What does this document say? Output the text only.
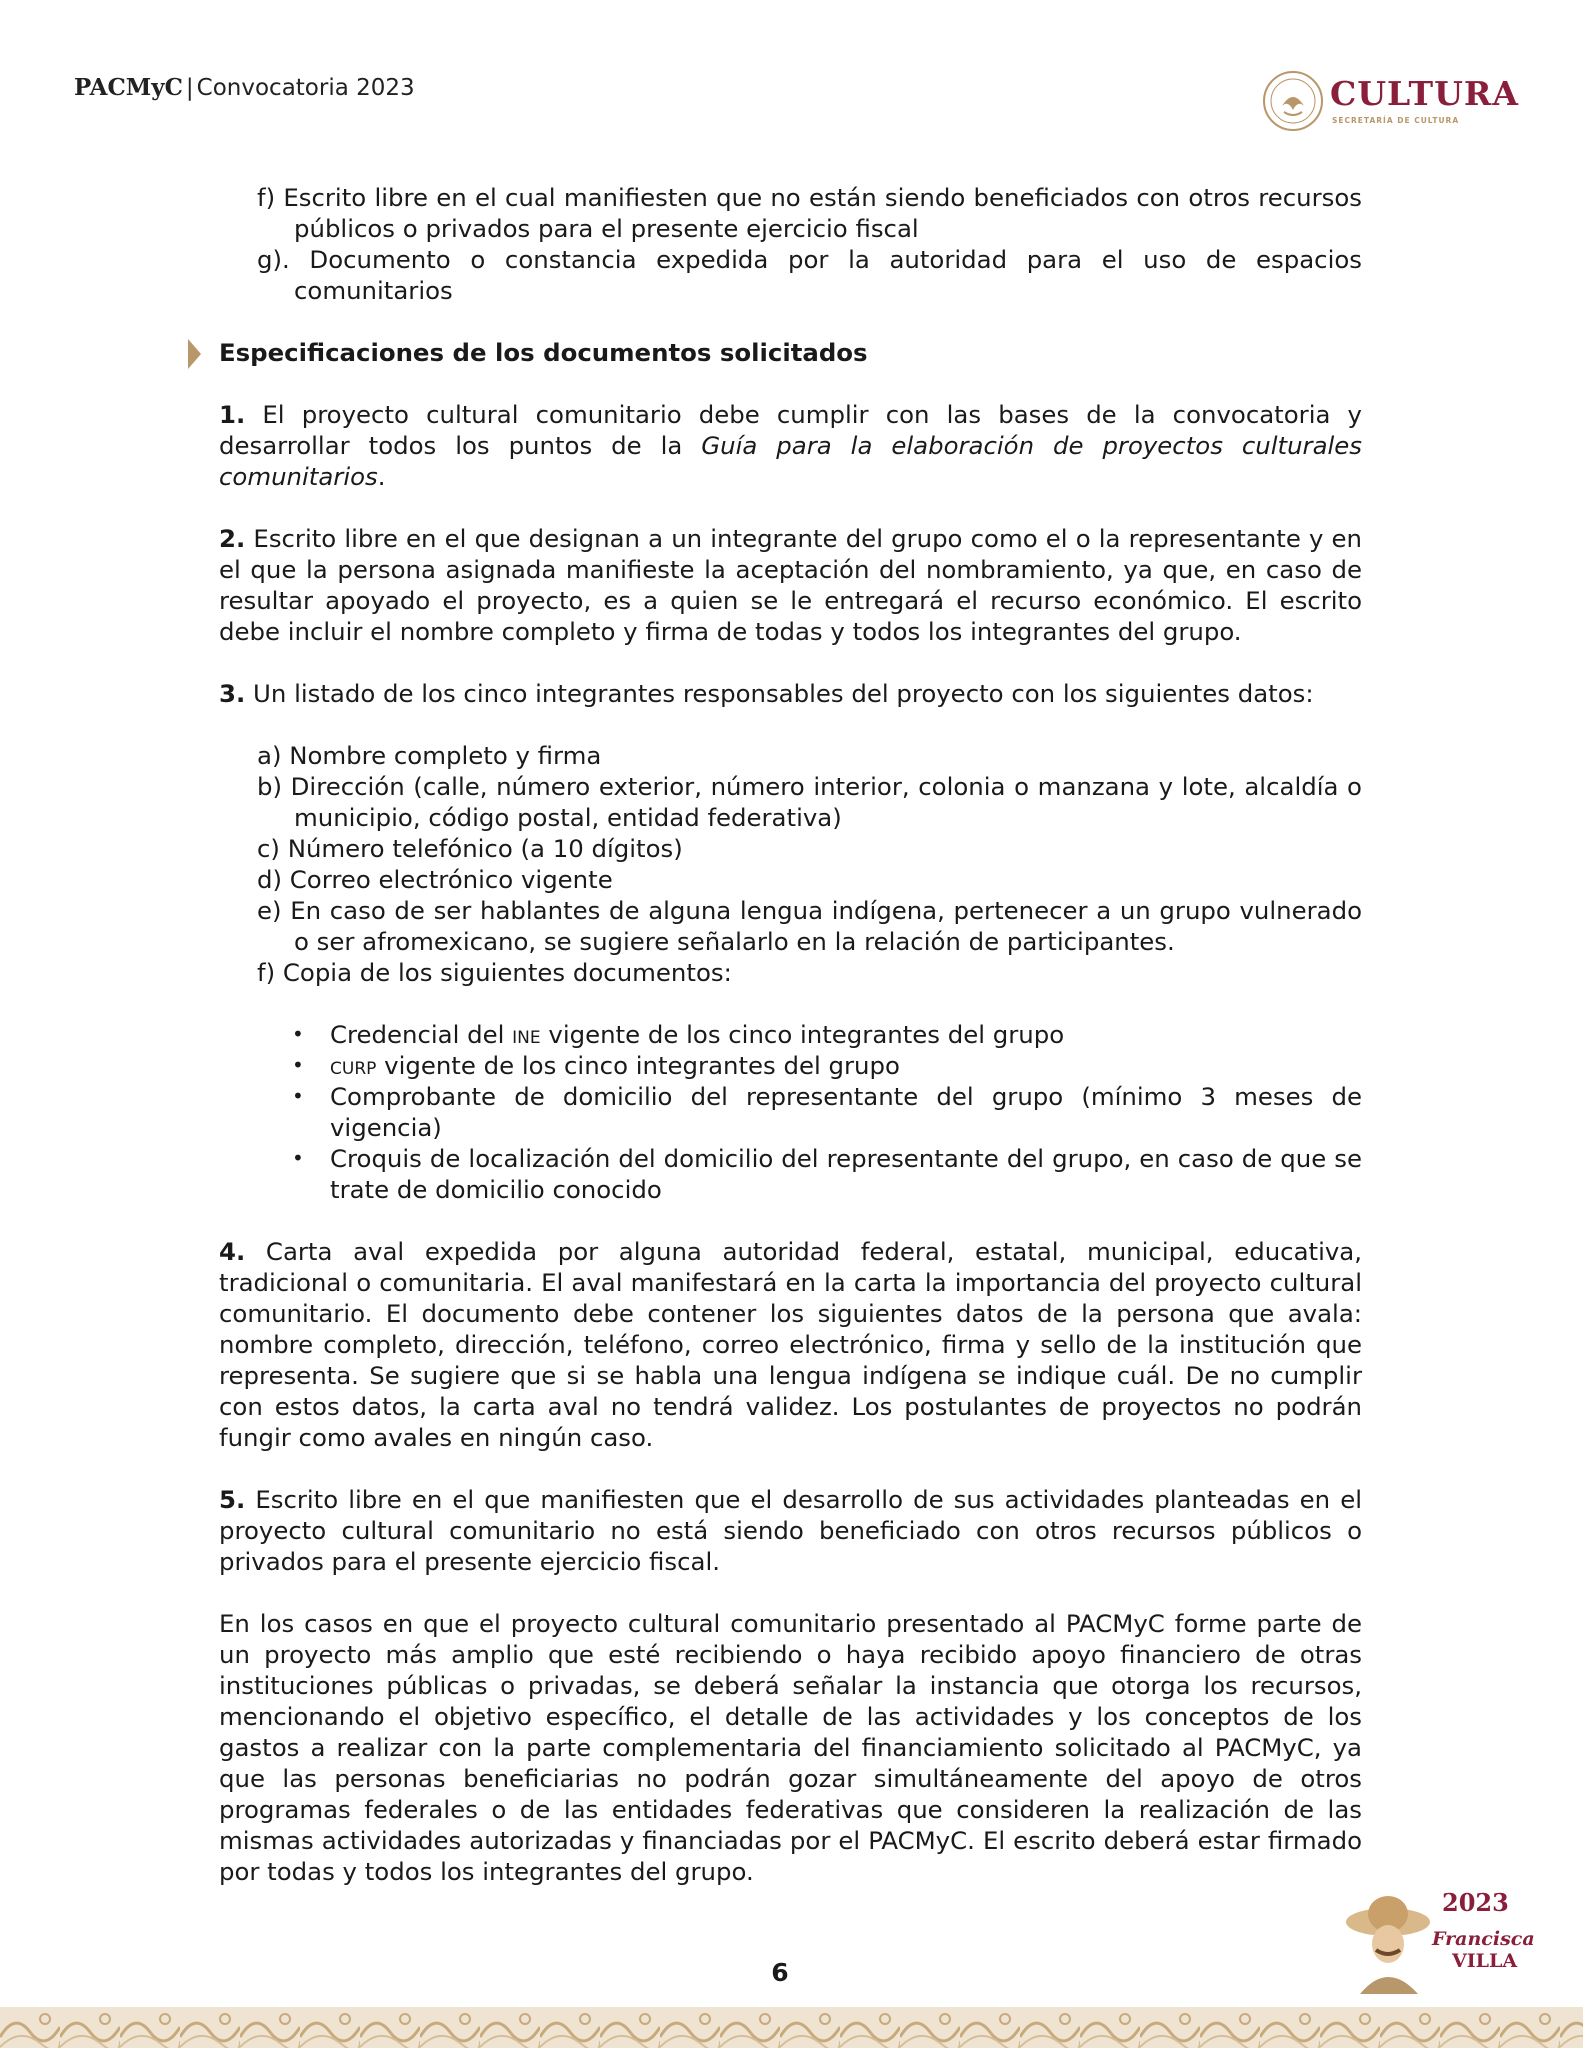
PACMyC | Convocatoria 2023	CULTURA
SECRETARÍA DE CULTURA

f) Escrito libre en el cual manifiesten que no están siendo beneficiados con otros recursos públicos o privados para el presente ejercicio fiscal

g). Documento o constancia expedida por la autoridad para el uso de espacios comunitarios

Especificaciones de los documentos solicitados

1. El proyecto cultural comunitario debe cumplir con las bases de la convocatoria y desarrollar todos los puntos de la Guía para la elaboración de proyectos culturales comunitarios.

2. Escrito libre en el que designan a un integrante del grupo como el o la representante y en el que la persona asignada manifieste la aceptación del nombramiento, ya que, en caso de resultar apoyado el proyecto, es a quien se le entregará el recurso económico. El escrito debe incluir el nombre completo y firma de todas y todos los integrantes del grupo.

3. Un listado de los cinco integrantes responsables del proyecto con los siguientes datos:

a) Nombre completo y firma

b) Dirección (calle, número exterior, número interior, colonia o manzana y lote, alcaldía o municipio, código postal, entidad federativa)

c) Número telefónico (a 10 dígitos)

d) Correo electrónico vigente

e) En caso de ser hablantes de alguna lengua indígena, pertenecer a un grupo vulnerado o ser afromexicano, se sugiere señalarlo en la relación de participantes.

f) Copia de los siguientes documentos:

• Credencial del ine vigente de los cinco integrantes del grupo
• curp vigente de los cinco integrantes del grupo
• Comprobante de domicilio del representante del grupo (mínimo 3 meses de vigencia)
• Croquis de localización del domicilio del representante del grupo, en caso de que se trate de domicilio conocido

4. Carta aval expedida por alguna autoridad federal, estatal, municipal, educativa, tradicional o comunitaria. El aval manifestará en la carta la importancia del proyecto cultural comunitario. El documento debe contener los siguientes datos de la persona que avala: nombre completo, dirección, teléfono, correo electrónico, firma y sello de la institución que representa. Se sugiere que si se habla una lengua indígena se indique cuál. De no cumplir con estos datos, la carta aval no tendrá validez. Los postulantes de proyectos no podrán fungir como avales en ningún caso.

5. Escrito libre en el que manifiesten que el desarrollo de sus actividades planteadas en el proyecto cultural comunitario no está siendo beneficiado con otros recursos públicos o privados para el presente ejercicio fiscal.

En los casos en que el proyecto cultural comunitario presentado al PACMyC forme parte de un proyecto más amplio que esté recibiendo o haya recibido apoyo financiero de otras instituciones públicas o privadas, se deberá señalar la instancia que otorga los recursos, mencionando el objetivo específico, el detalle de las actividades y los conceptos de los gastos a realizar con la parte complementaria del financiamiento solicitado al PACMyC, ya que las personas beneficiarias no podrán gozar simultáneamente del apoyo de otros programas federales o de las entidades federativas que consideren la realización de las mismas actividades autorizadas y financiadas por el PACMyC. El escrito deberá estar firmado por todas y todos los integrantes del grupo.

6
2023
Francisca
VILLA
